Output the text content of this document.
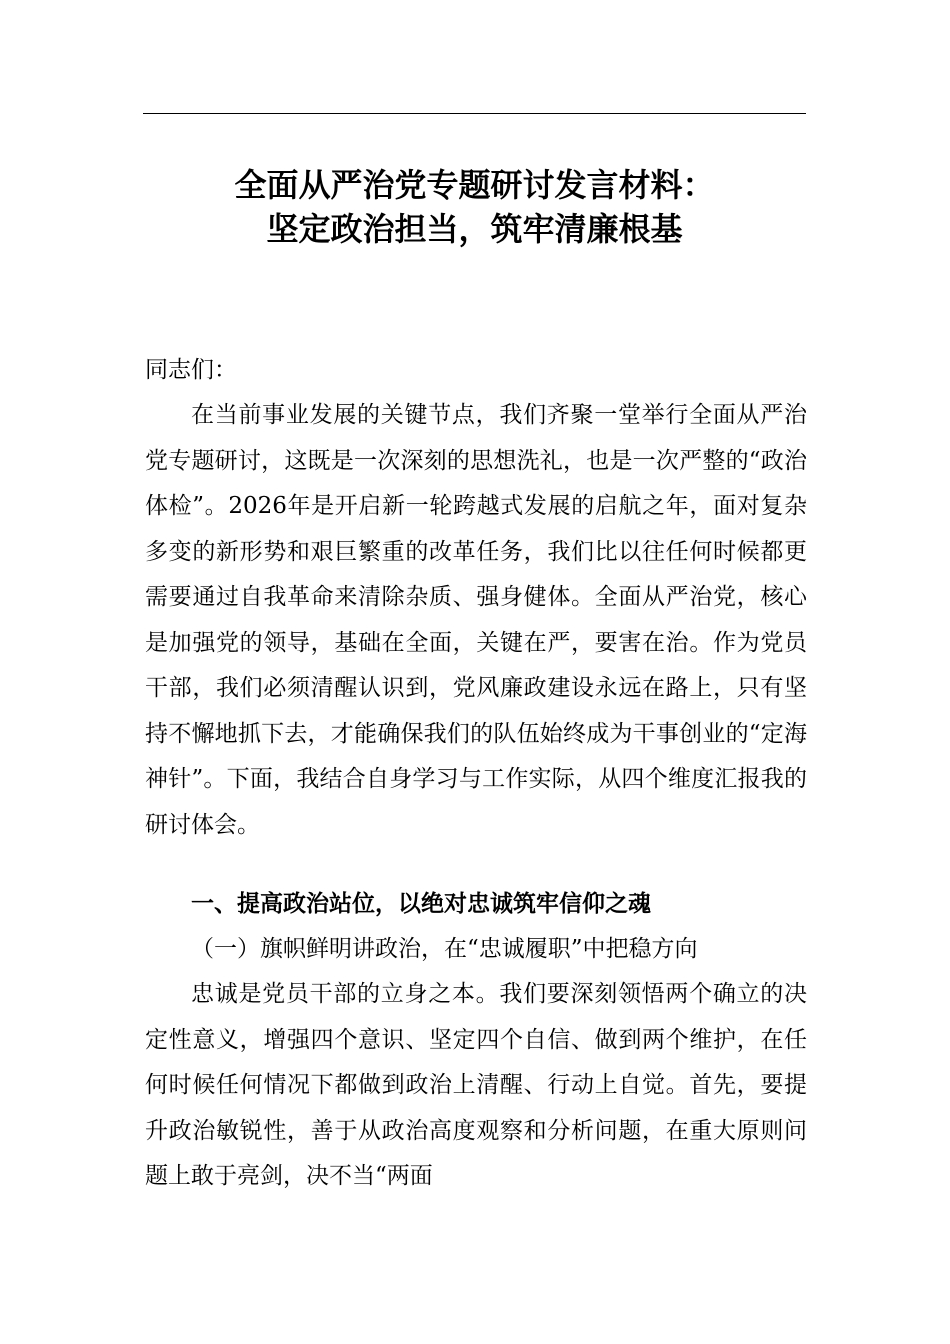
全面从严治党专题研讨发言材料：
坚定政治担当，筑牢清廉根基
同志们：
在当前事业发展的关键节点，我们齐聚一堂举行全面从严治党专题研讨，这既是一次深刻的思想洗礼，也是一次严整的“政治体检”。2026年是开启新一轮跨越式发展的启航之年，面对复杂多变的新形势和艰巨繁重的改革任务，我们比以往任何时候都更需要通过自我革命来清除杂质、强身健体。全面从严治党，核心是加强党的领导，基础在全面，关键在严，要害在治。作为党员干部，我们必须清醒认识到，党风廉政建设永远在路上，只有坚持不懈地抓下去，才能确保我们的队伍始终成为干事创业的“定海神针”。下面，我结合自身学习与工作实际，从四个维度汇报我的研讨体会。
一、提高政治站位，以绝对忠诚筑牢信仰之魂
（一）旗帜鲜明讲政治，在“忠诚履职”中把稳方向
忠诚是党员干部的立身之本。我们要深刻领悟两个确立的决定性意义，增强四个意识、坚定四个自信、做到两个维护，在任何时候任何情况下都做到政治上清醒、行动上自觉。首先，要提升政治敏锐性，善于从政治高度观察和分析问题，在重大原则问题上敢于亮剑，决不当“两面
